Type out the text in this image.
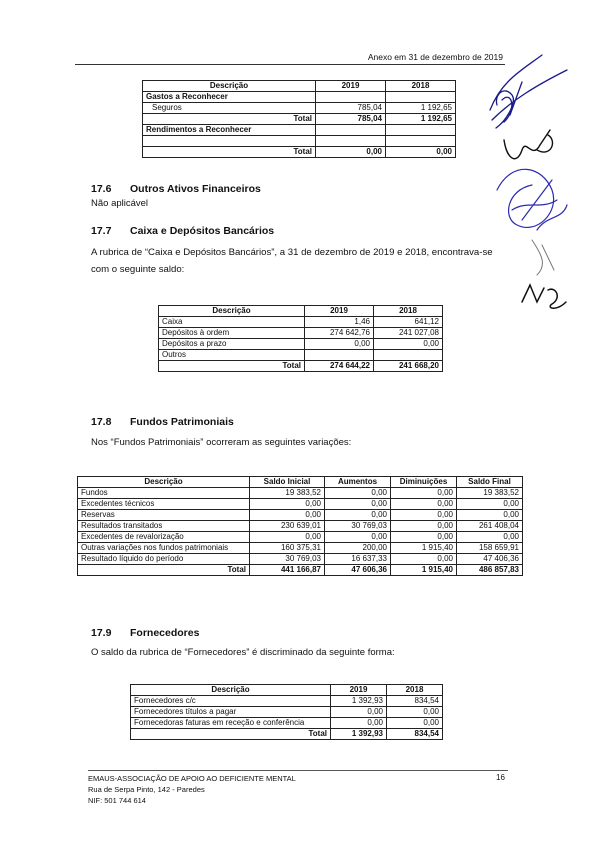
Anexo em 31 de dezembro de 2019
Descrição	2019	2018
Gastos a Reconhecer		
Seguros	785,04	1 192,65
Total	785,04	1 192,65
Rendimentos a Reconhecer		

Total	0,00	0,00
17.6 Outros Ativos Financeiros
Não aplicável
17.7 Caixa e Depósitos Bancários
A rubrica de “Caixa e Depósitos Bancários”, a 31 de dezembro de 2019 e 2018, encontrava-se com o seguinte saldo:
Descrição	2019	2018
Caixa	1,46	641,12
Depósitos à ordem	274 642,76	241 027,08
Depósitos a prazo	0,00	0,00
Outros		
Total	274 644,22	241 668,20
17.8 Fundos Patrimoniais
Nos “Fundos Patrimoniais” ocorreram as seguintes variações:
Descrição	Saldo Inicial	Aumentos	Diminuições	Saldo Final
Fundos	19 383,52	0,00	0,00	19 383,52
Excedentes técnicos	0,00	0,00	0,00	0,00
Reservas	0,00	0,00	0,00	0,00
Resultados transitados	230 639,01	30 769,03	0,00	261 408,04
Excedentes de revalorização	0,00	0,00	0,00	0,00
Outras variações nos fundos patrimoniais	160 375,31	200,00	1 915,40	158 659,91
Resultado líquido do período	30 769,03	16 637,33	0,00	47 406,36
Total	441 166,87	47 606,36	1 915,40	486 857,83
17.9 Fornecedores
O saldo da rubrica de “Fornecedores” é discriminado da seguinte forma:
Descrição	2019	2018
Fornecedores c/c	1 392,93	834,54
Fornecedores títulos a pagar	0,00	0,00
Fornecedoras faturas em receção e conferência	0,00	0,00
Total	1 392,93	834,54
EMAUS-ASSOCIAÇÃO DE APOIO AO DEFICIENTE MENTAL
Rua de Serpa Pinto, 142 - Paredes
NIF: 501 744 614
16
